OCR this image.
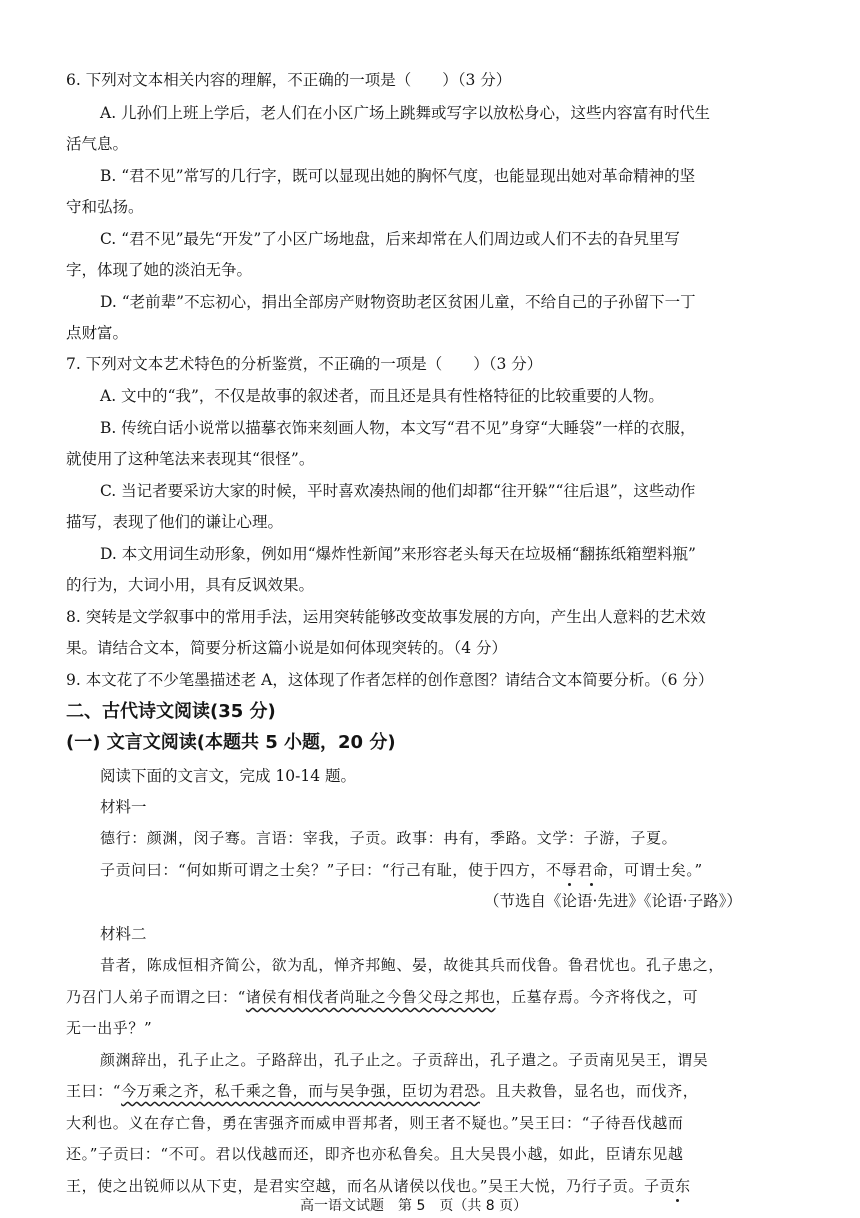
6. 下列对文本相关内容的理解，不正确的一项是（　　）（3 分）
A. 儿孙们上班上学后，老人们在小区广场上跳舞或写字以放松身心，这些内容富有时代生
活气息。
B. “君不见”常写的几行字，既可以显现出她的胸怀气度，也能显现出她对革命精神的坚
守和弘扬。
C. “君不见”最先“开发”了小区广场地盘，后来却常在人们周边或人们不去的旮旯里写
字，体现了她的淡泊无争。
D. “老前辈”不忘初心，捐出全部房产财物资助老区贫困儿童，不给自己的子孙留下一丁
点财富。
7. 下列对文本艺术特色的分析鉴赏，不正确的一项是（　　）（3 分）
A. 文中的“我”，不仅是故事的叙述者，而且还是具有性格特征的比较重要的人物。
B. 传统白话小说常以描摹衣饰来刻画人物，本文写“君不见”身穿“大睡袋”一样的衣服，
就使用了这种笔法来表现其“很怪”。
C. 当记者要采访大家的时候，平时喜欢凑热闹的他们却都“往开躲”“往后退”，这些动作
描写，表现了他们的谦让心理。
D. 本文用词生动形象，例如用“爆炸性新闻”来形容老头每天在垃圾桶“翻拣纸箱塑料瓶”
的行为，大词小用，具有反讽效果。
8. 突转是文学叙事中的常用手法，运用突转能够改变故事发展的方向，产生出人意料的艺术效
果。请结合文本，简要分析这篇小说是如何体现突转的。（4 分）
9. 本文花了不少笔墨描述老 A，这体现了作者怎样的创作意图？请结合文本简要分析。（6 分）
二、古代诗文阅读(35 分)
(一) 文言文阅读(本题共 5 小题，20 分)
阅读下面的文言文，完成 10-14 题。
材料一
德行：颜渊，闵子骞。言语：宰我，子贡。政事：冉有，季路。文学：子游，子夏。
子贡问曰：“何如斯可谓之士矣？”子曰：“行己有耻，使于四方，不辱君命，可谓士矣。”
（节选自《论语·先进》《论语·子路》）
材料二
昔者，陈成恒相齐简公，欲为乱，惮齐邦鲍、晏，故徙其兵而伐鲁。鲁君忧也。孔子患之，
乃召门人弟子而谓之曰：“诸侯有相伐者尚耻之今鲁父母之邦也，丘墓存焉。今齐将伐之，可
无一出乎？”
颜渊辞出，孔子止之。子路辞出，孔子止之。子贡辞出，孔子遣之。子贡南见吴王，谓吴
王曰：“今万乘之齐，私千乘之鲁，而与吴争强，臣切为君恐。且夫救鲁，显名也，而伐齐，
大利也。义在存亡鲁，勇在害强齐而威申晋邦者，则王者不疑也。”吴王曰：“子待吾伐越而
还。”子贡曰：“不可。君以伐越而还，即齐也亦私鲁矣。且大吴畏小越，如此，臣请东见越
王，使之出锐师以从下吏，是君实空越，而名从诸侯以伐也。”吴王大悦，乃行子贡。子贡东
高一语文试题　第 5　页（共 8 页）
